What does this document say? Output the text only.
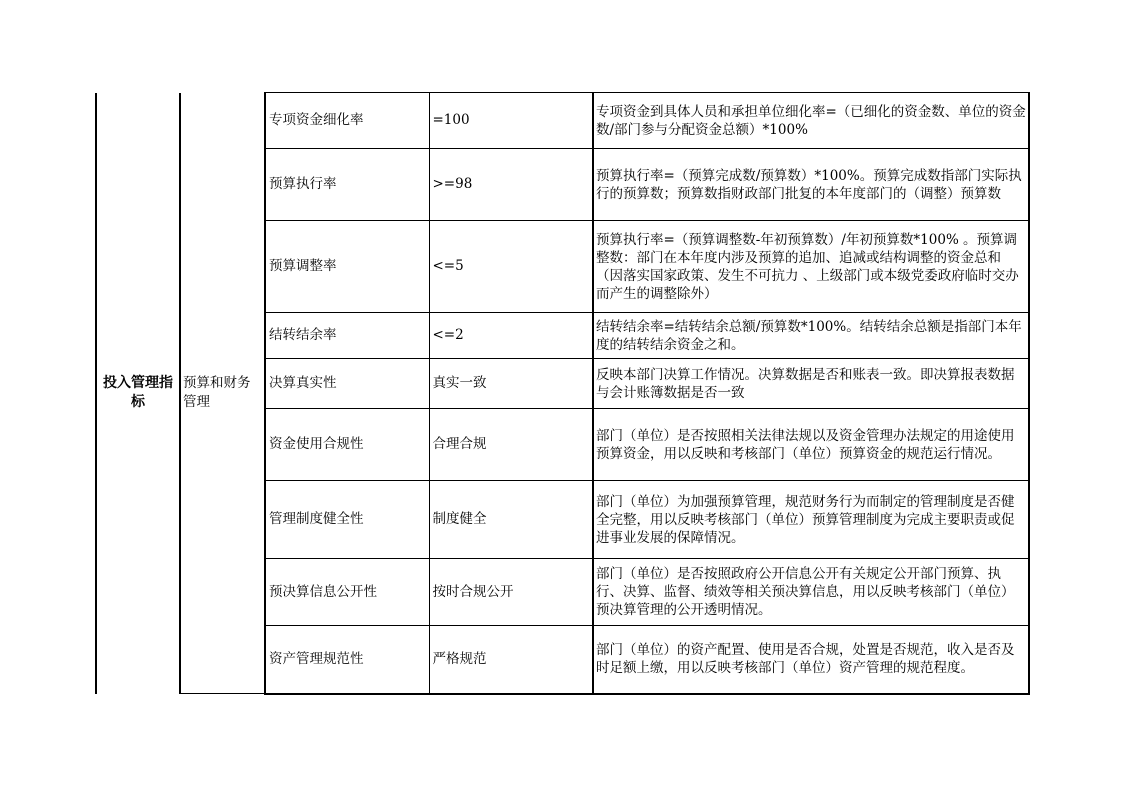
投入管理指标	预算和财务管理	专项资金细化率	=100	专项资金到具体人员和承担单位细化率=（已细化的资金数、单位的资金数/部门参与分配资金总额）*100%
		预算执行率	>=98	预算执行率=（预算完成数/预算数）*100%。预算完成数指部门实际执行的预算数；预算数指财政部门批复的本年度部门的（调整）预算数
		预算调整率	<=5	预算执行率=（预算调整数-年初预算数）/年初预算数*100% 。预算调整数：部门在本年度内涉及预算的追加、追减或结构调整的资金总和（因落实国家政策、发生不可抗力 、上级部门或本级党委政府临时交办而产生的调整除外）
		结转结余率	<=2	结转结余率=结转结余总额/预算数*100%。结转结余总额是指部门本年度的结转结余资金之和。
		决算真实性	真实一致	反映本部门决算工作情况。决算数据是否和账表一致。即决算报表数据与会计账簿数据是否一致
		资金使用合规性	合理合规	部门（单位）是否按照相关法律法规以及资金管理办法规定的用途使用预算资金，用以反映和考核部门（单位）预算资金的规范运行情况。
		管理制度健全性	制度健全	部门（单位）为加强预算管理，规范财务行为而制定的管理制度是否健全完整，用以反映考核部门（单位）预算管理制度为完成主要职责或促进事业发展的保障情况。
		预决算信息公开性	按时合规公开	部门（单位）是否按照政府公开信息公开有关规定公开部门预算、执行、决算、监督、绩效等相关预决算信息，用以反映考核部门（单位）预决算管理的公开透明情况。
		资产管理规范性	严格规范	部门（单位）的资产配置、使用是否合规，处置是否规范，收入是否及时足额上缴，用以反映考核部门（单位）资产管理的规范程度。
